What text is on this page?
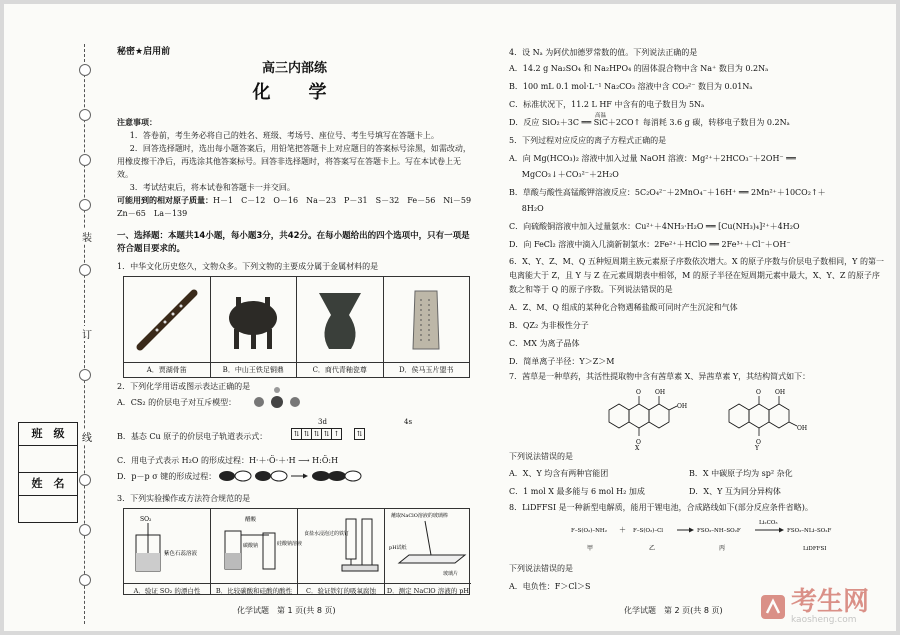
装
订
线
班　级
姓　名
秘密★启用前
高三内部练
化　学
注意事项：
1．答卷前，考生务必将自己的姓名、班级、考场号、座位号、考生号填写在答题卡上。
2．回答选择题时，选出每小题答案后，用铅笔把答题卡上对应题目的答案标号涂黑，如需改动，用橡皮擦干净后，再选涂其他答案标号。回答非选择题时，将答案写在答题卡上。写在本试卷上无效。
3．考试结束后，将本试卷和答题卡一并交回。
可能用到的相对原子质量：H－1　C－12　O－16　Na－23　P－31　S－32　Fe－56　Ni－59　Zn－65　La－139
一、选择题：本题共14小题，每小题3分，共42分。在每小题给出的四个选项中，只有一项是符合题目要求的。
1．中华文化历史悠久，文物众多。下列文物的主要成分属于金属材料的是
A．贾湖骨笛	B．中山王铁足铜鼎	C．商代青釉瓷尊	D．侯马玉片盟书
2．下列化学用语或图示表达正确的是
A．CS₂ 的价层电子对互斥模型：
3d	4s
B．基态 Cu 原子的价层电子轨道表示式：	⇅ ⇅ ⇅ ⇅ ↑	⇅
C．用电子式表示 H₂O 的形成过程：H·＋·Ö·＋·H ⟶ H:Ö:H
D．p－p σ 键的形成过程：
3．下列实验操作或方法符合规范的是
SO₂
紫色石蕊溶液
A．验证 SO₂ 的漂白性
醋酸
碳酸钠	硅酸钠溶液
B．比较碳酸和硅酸的酸性
食盐水浸泡过的铁钉
C．验证铁钉的吸氧腐蚀
蘸取NaClO溶液的玻璃棒
pH试纸
玻璃片
D．测定 NaClO 溶液的 pH
化学试题　第 1 页(共 8 页)
4．设 Nₐ 为阿伏加德罗常数的值。下列说法正确的是
A．14.2 g Na₂SO₄ 和 Na₂HPO₄ 的固体混合物中含 Na⁺ 数目为 0.2Nₐ
B．100 mL 0.1 mol·L⁻¹ Na₂CO₃ 溶液中含 CO₃²⁻ 数目为 0.01Nₐ
C．标准状况下，11.2 L HF 中含有的电子数目为 5Nₐ
高温
D．反应 SiO₂＋3C ══ SiC＋2CO↑ 每消耗 3.6 g 碳，转移电子数目为 0.2Nₐ
5．下列过程对应反应的离子方程式正确的是
A．向 Mg(HCO₃)₂ 溶液中加入过量 NaOH 溶液：Mg²⁺＋2HCO₃⁻＋2OH⁻ ══
MgCO₃↓＋CO₃²⁻＋2H₂O
B．草酸与酸性高锰酸钾溶液反应：5C₂O₄²⁻＋2MnO₄⁻＋16H⁺ ══ 2Mn²⁺＋10CO₂↑＋
8H₂O
C．向硫酸铜溶液中加入过量氨水：Cu²⁺＋4NH₃·H₂O ══ [Cu(NH₃)₄]²⁺＋4H₂O
D．向 FeCl₂ 溶液中滴入几滴新制氯水：2Fe²⁺＋HClO ══ 2Fe³⁺＋Cl⁻＋OH⁻
6．X、Y、Z、M、Q 五种短周期主族元素原子序数依次增大。X 的原子序数与价层电子数相同，Y 的第一电离能大于 Z，且 Y 与 Z 在元素周期表中相邻，M 的原子半径在短周期元素中最大，X、Y、Z 的原子序数之和等于 Q 的原子序数。下列说法错误的是
A．Z、M、Q 组成的某种化合物遇稀盐酸可同时产生沉淀和气体
B．QZ₂ 为非极性分子
C．MX 为离子晶体
D．简单离子半径：Y＞Z＞M
7．茜草是一种草药，其活性提取物中含有茜草素 X、异茜草素 Y，其结构简式如下：
O
O
OH
OH
X
O
O
OH
OH
Y
下列说法错误的是
A．X、Y 均含有两种官能团	B．X 中碳原子均为 sp² 杂化
C．1 mol X 最多能与 6 mol H₂ 加成	D．X、Y 互为同分异构体
8．LiDFFSI 是一种新型电解质，能用于锂电池，合成路线如下(部分反应条件省略)。
F–S(O₂)–NH₂
甲
＋ F–S(O₂)–Cl
乙
FSO₂–NH–SO₂F
丙
Li₂CO₃
FSO₂–NLi–SO₂F
LiDFFSI
下列说法错误的是
A．电负性：F＞Cl＞S
化学试题　第 2 页(共 8 页)	考生网
kaosheng.com
